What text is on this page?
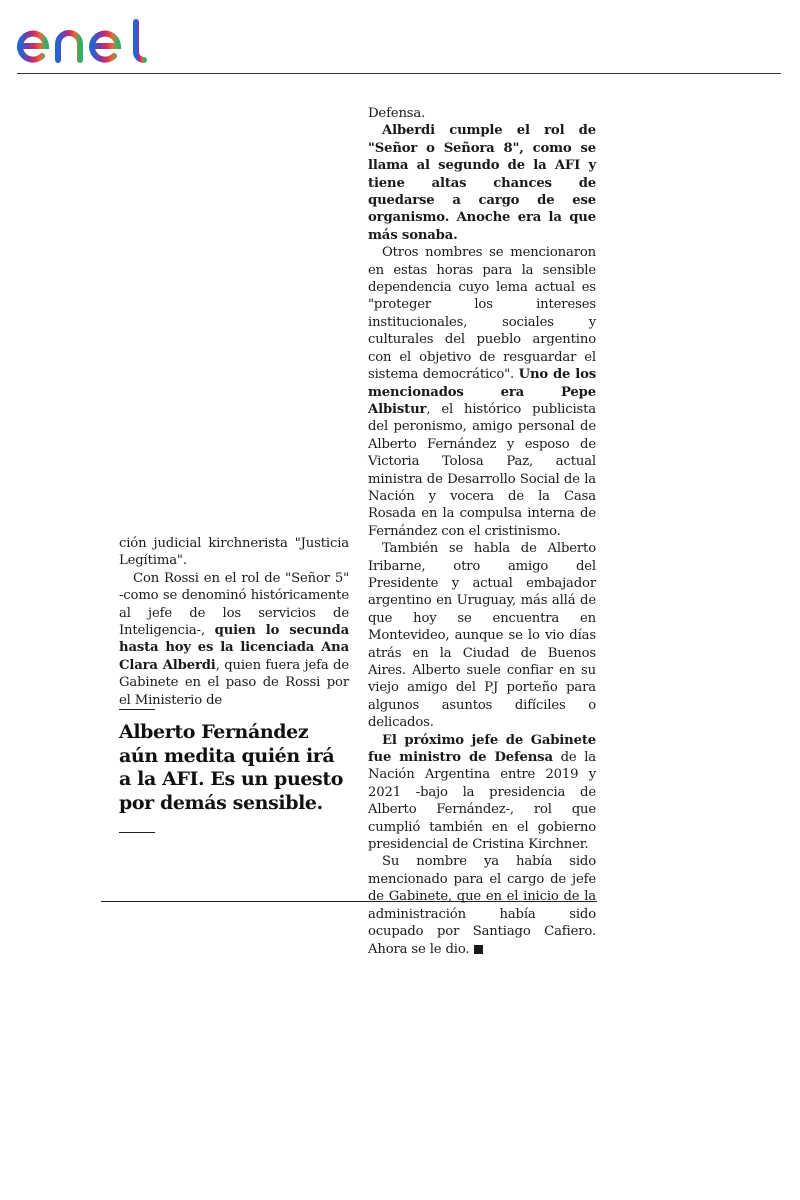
ción judicial kirchnerista "Justicia Legítima".

Con Rossi en el rol de "Señor 5" -como se denominó históricamente al jefe de los servicios de Inteligencia-, quien lo secunda hasta hoy es la licenciada Ana Clara Alberdi, quien fuera jefa de Gabinete en el paso de Rossi por el Ministerio de

Alberto Fernández aún medita quién irá a la AFI. Es un puesto por demás sensible.

Defensa.

Alberdi cumple el rol de "Señor o Señora 8", como se llama al segundo de la AFI y tiene altas chances de quedarse a cargo de ese organismo. Anoche era la que más sonaba.

Otros nombres se mencionaron en estas horas para la sensible dependencia cuyo lema actual es "proteger los intereses institucionales, sociales y culturales del pueblo argentino con el objetivo de resguardar el sistema democrático". Uno de los mencionados era Pepe Albistur, el histórico publicista del peronismo, amigo personal de Alberto Fernández y esposo de Victoria Tolosa Paz, actual ministra de Desarrollo Social de la Nación y vocera de la Casa Rosada en la compulsa interna de Fernández con el cristinismo.

También se habla de Alberto Iribarne, otro amigo del Presidente y actual embajador argentino en Uruguay, más allá de que hoy se encuentra en Montevideo, aunque se lo vio días atrás en la Ciudad de Buenos Aires. Alberto suele confiar en su viejo amigo del PJ porteño para algunos asuntos difíciles o delicados.

El próximo jefe de Gabinete fue ministro de Defensa de la Nación Argentina entre 2019 y 2021 -bajo la presidencia de Alberto Fernández-, rol que cumplió también en el gobierno presidencial de Cristina Kirchner.

Su nombre ya había sido mencionado para el cargo de jefe de Gabinete, que en el inicio de la administración había sido ocupado por Santiago Cafiero. Ahora se le dio.
